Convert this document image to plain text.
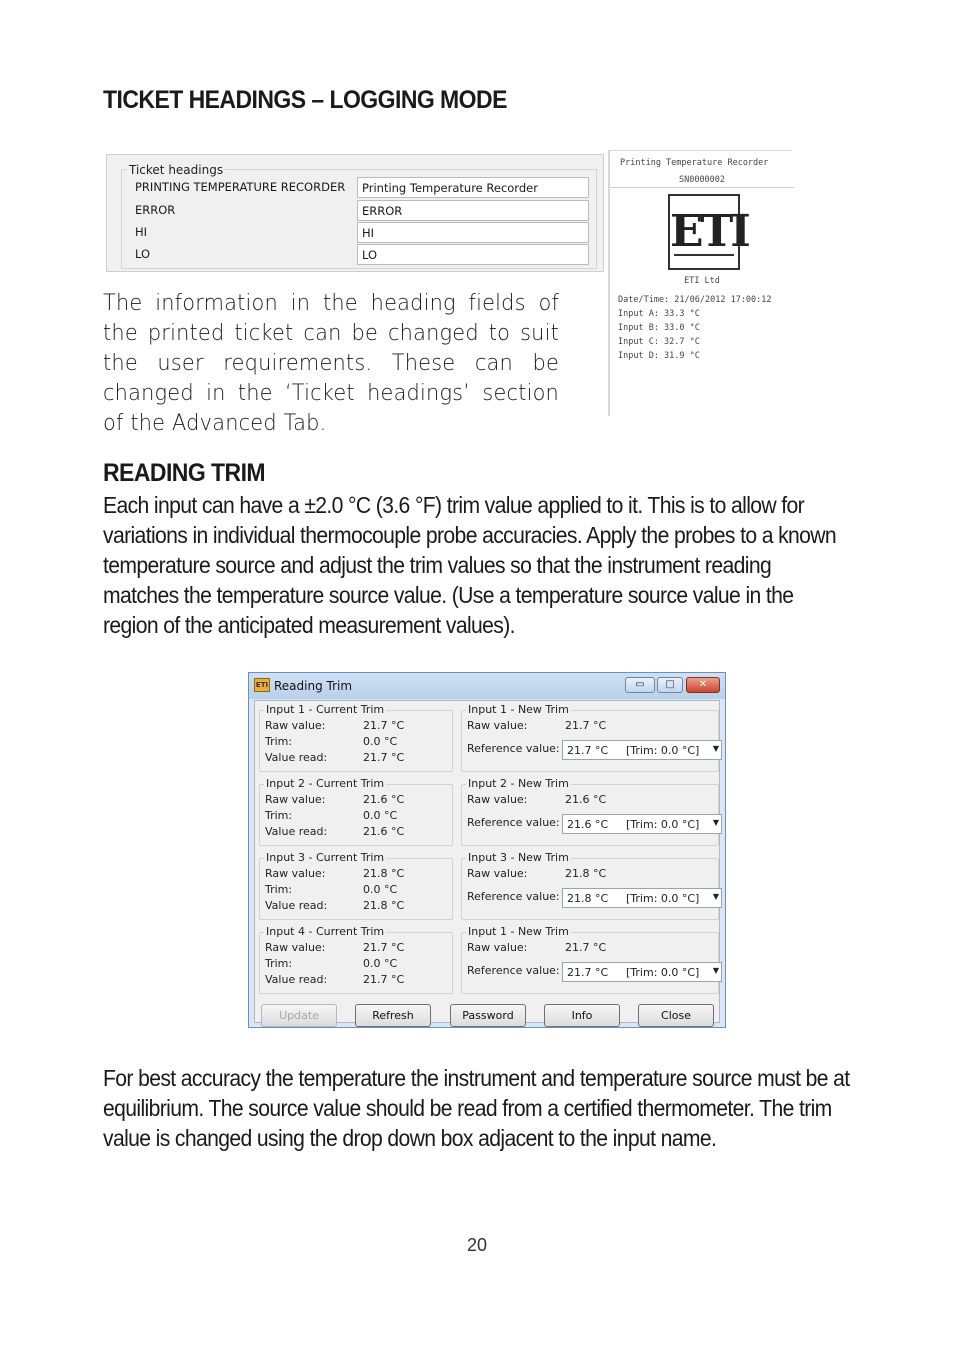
TICKET HEADINGS – LOGGING MODE
Ticket headings
PRINTING TEMPERATURE RECORDER	Printing Temperature Recorder
ERROR	ERROR
HI	HI
LO	LO
The information in the heading fields of the printed ticket can be changed to suit the user requirements. These can be changed in the ‘Ticket headings’ section of the Advanced Tab.
Printing Temperature Recorder
SN0000002
ETI
ETI Ltd
Date/Time: 21/06/2012 17:00:12
Input A: 33.3 °C
Input B: 33.0 °C
Input C: 32.7 °C
Input D: 31.9 °C
READING TRIM
Each input can have a ±2.0 °C (3.6 °F) trim value applied to it. This is to allow for variations in individual thermocouple probe accuracies. Apply the probes to a known temperature source and adjust the trim values so that the instrument reading matches the temperature source value. (Use a temperature source value in the region of the anticipated measurement values).
ETI Reading Trim	▭	□	✕
Input 1 - Current Trim
Raw value:	21.7 °C
Trim:	0.0 °C
Value read:	21.7 °C
Input 1 - New Trim
Raw value:	21.7 °C
Reference value: 21.7 °C [Trim: 0.0 °C] ▼
Input 2 - Current Trim
Raw value:	21.6 °C
Trim:	0.0 °C
Value read:	21.6 °C
Input 2 - New Trim
Raw value:	21.6 °C
Reference value: 21.6 °C [Trim: 0.0 °C] ▼
Input 3 - Current Trim
Raw value:	21.8 °C
Trim:	0.0 °C
Value read:	21.8 °C
Input 3 - New Trim
Raw value:	21.8 °C
Reference value: 21.8 °C [Trim: 0.0 °C] ▼
Input 4 - Current Trim
Raw value:	21.7 °C
Trim:	0.0 °C
Value read:	21.7 °C
Input 1 - New Trim
Raw value:	21.7 °C
Reference value: 21.7 °C [Trim: 0.0 °C] ▼
Update	Refresh	Password	Info	Close
For best accuracy the temperature the instrument and temperature source must be at equilibrium. The source value should be read from a certified thermometer. The trim value is changed using the drop down box adjacent to the input name.
20
